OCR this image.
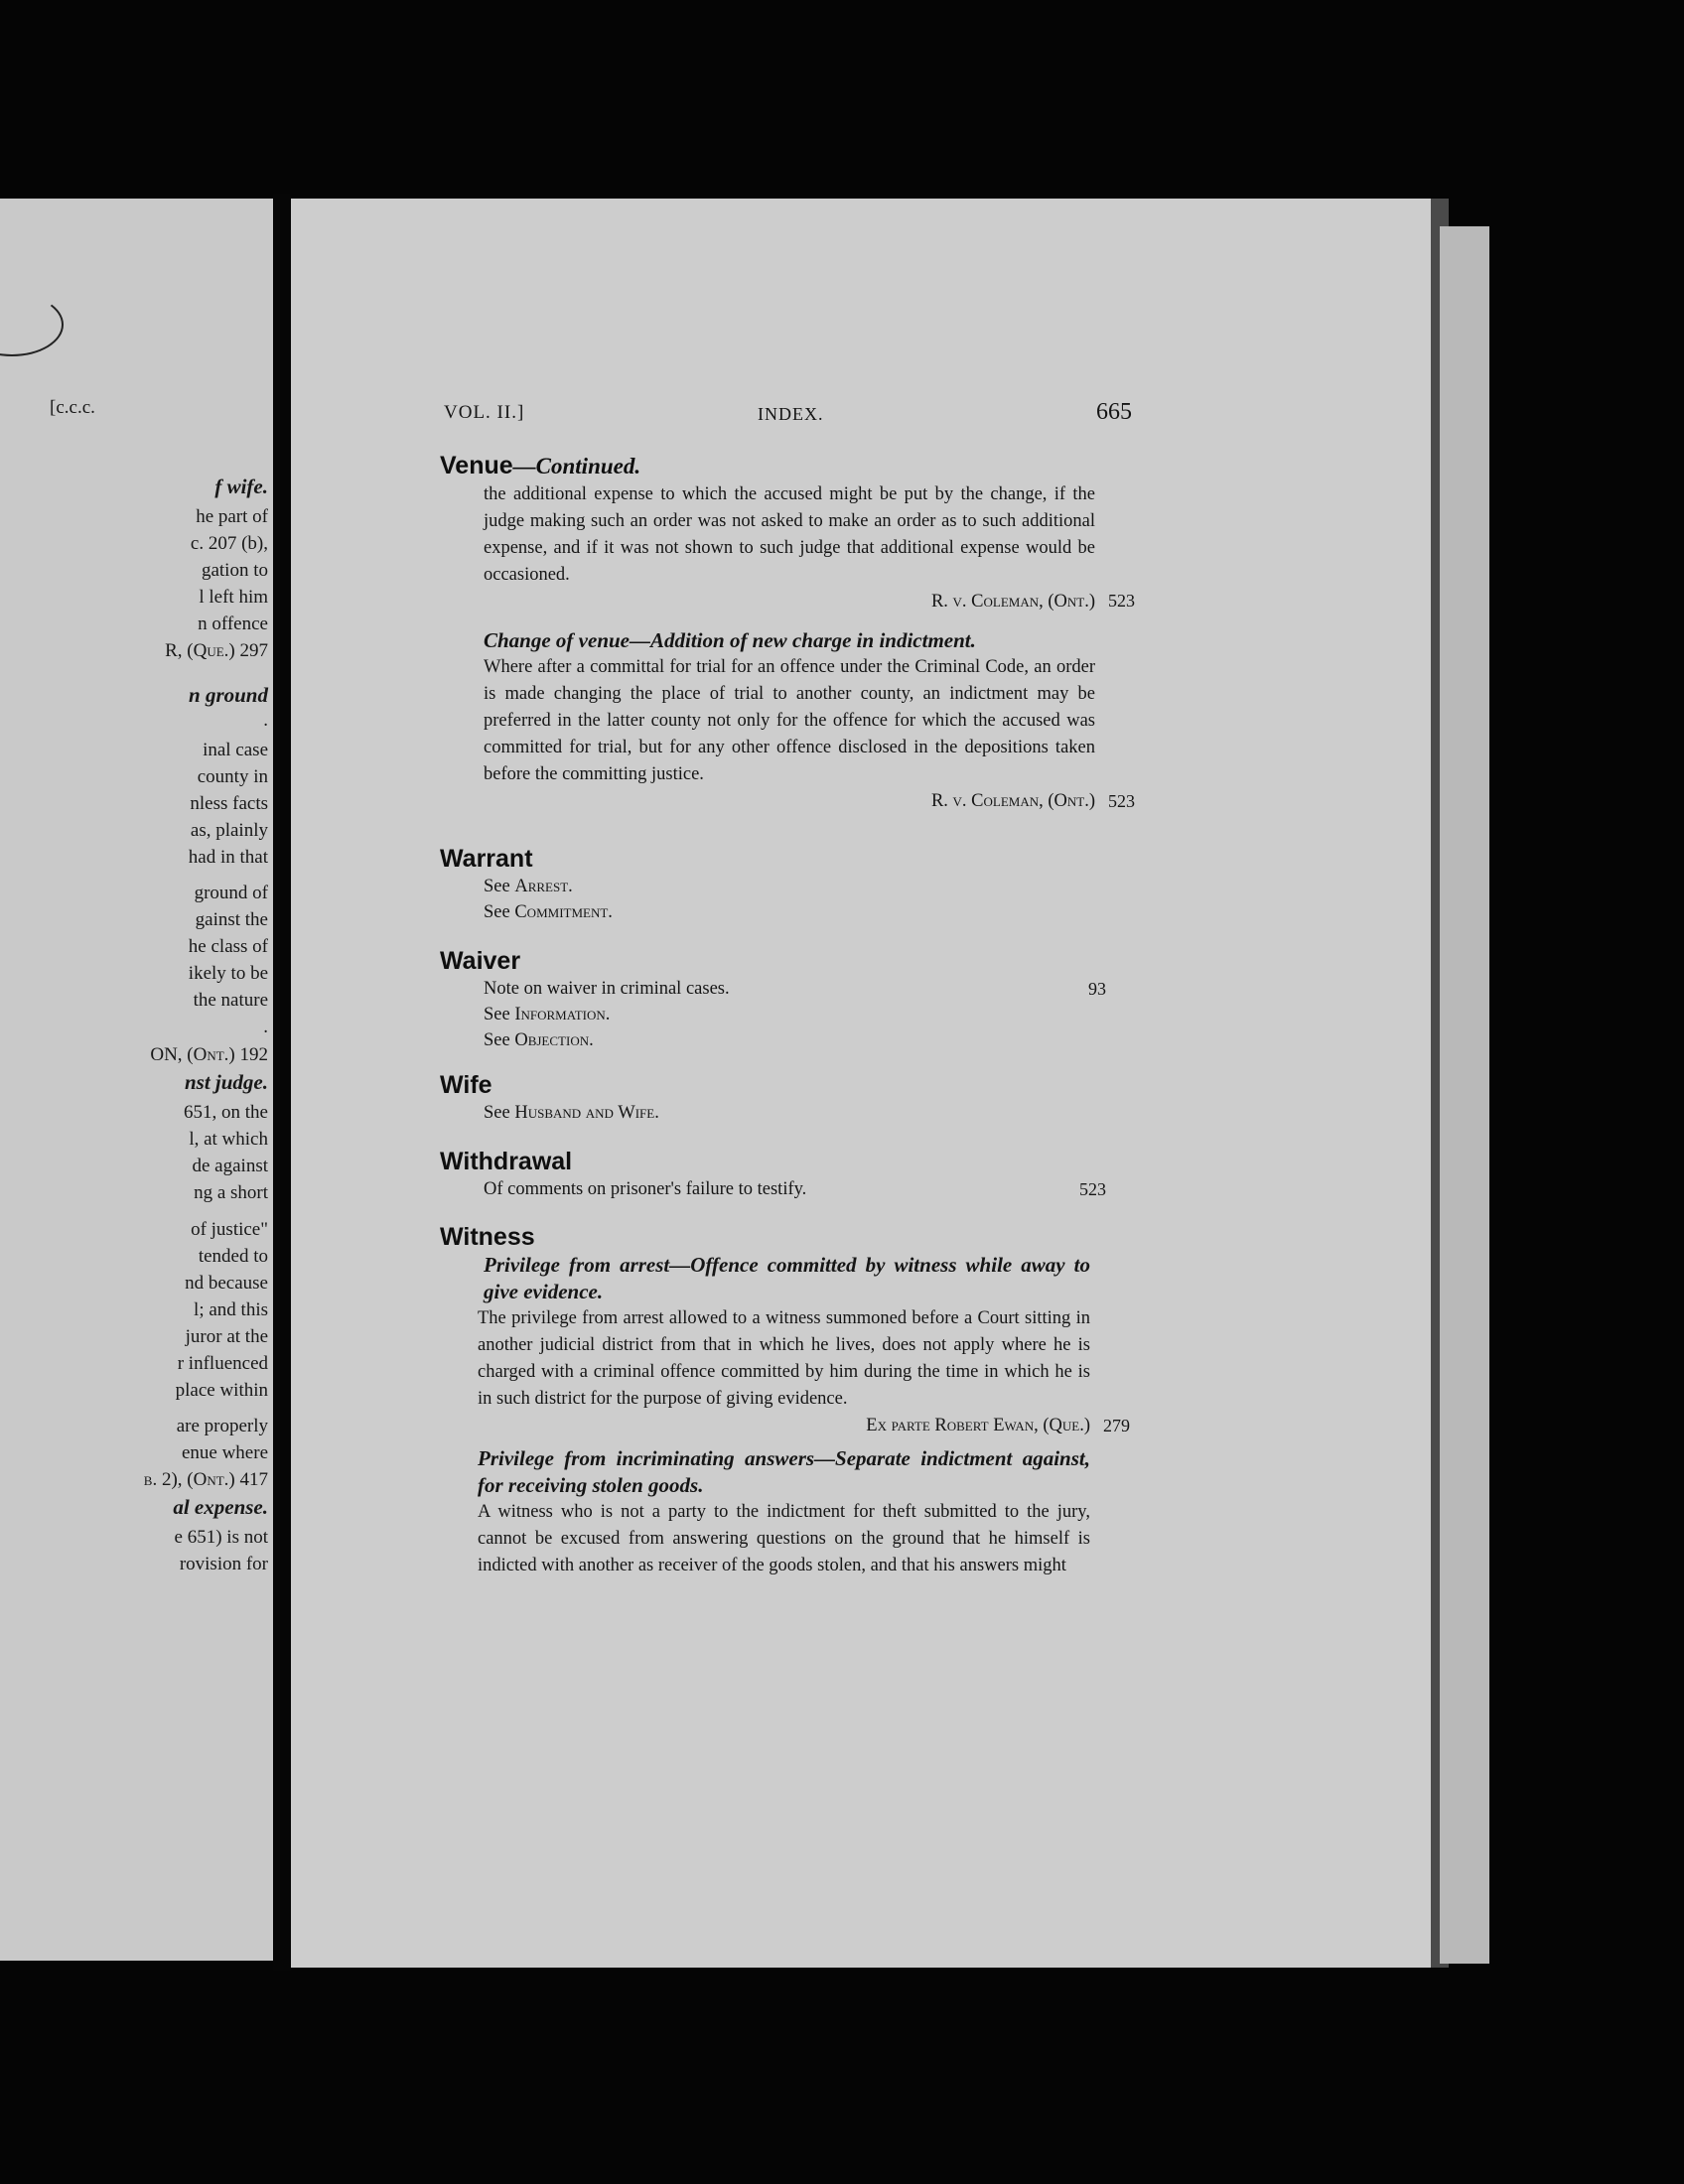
[c.c.c.
f wife.
he part of
c. 207 (b),
gation to
l left him
n offence
R, (Que.) 297
n ground
.
inal case
county in
nless facts
as, plainly
had in that
ground of
gainst the
he class of
ikely to be
the nature
.
ON, (Ont.) 192
nst judge.
651, on the
l, at which
de against
ng a short
of justice"
tended to
nd because
l; and this
juror at the
r influenced
place within
are properly
enue where
b. 2), (Ont.) 417
al expense.
e 651) is not
rovision for
VOL. II.]	INDEX.	665

Venue—Continued.

the additional expense to which the accused might be put by the change, if the judge making such an order was not asked to make an order as to such additional expense, and if it was not shown to such judge that additional expense would be occasioned.

R. v. Coleman, (Ont.) 523

Change of venue—Addition of new charge in indictment.

Where after a committal for trial for an offence under the Criminal Code, an order is made changing the place of trial to another county, an indictment may be preferred in the latter county not only for the offence for which the accused was committed for trial, but for any other offence disclosed in the depositions taken before the committing justice.

R. v. Coleman, (Ont.) 523

Warrant

See Arrest.

See Commitment.

Waiver

Note on waiver in criminal cases.	93

See Information.

See Objection.

Wife

See Husband and Wife.

Withdrawal

Of comments on prisoner's failure to testify.	523

Witness

Privilege from arrest—Offence committed by witness while away to give evidence.

The privilege from arrest allowed to a witness summoned before a Court sitting in another judicial district from that in which he lives, does not apply where he is charged with a criminal offence committed by him during the time in which he is in such district for the purpose of giving evidence.

Ex parte Robert Ewan, (Que.) 279

Privilege from incriminating answers—Separate indictment against, for receiving stolen goods.

A witness who is not a party to the indictment for theft submitted to the jury, cannot be excused from answering questions on the ground that he himself is indicted with another as receiver of the goods stolen, and that his answers might
